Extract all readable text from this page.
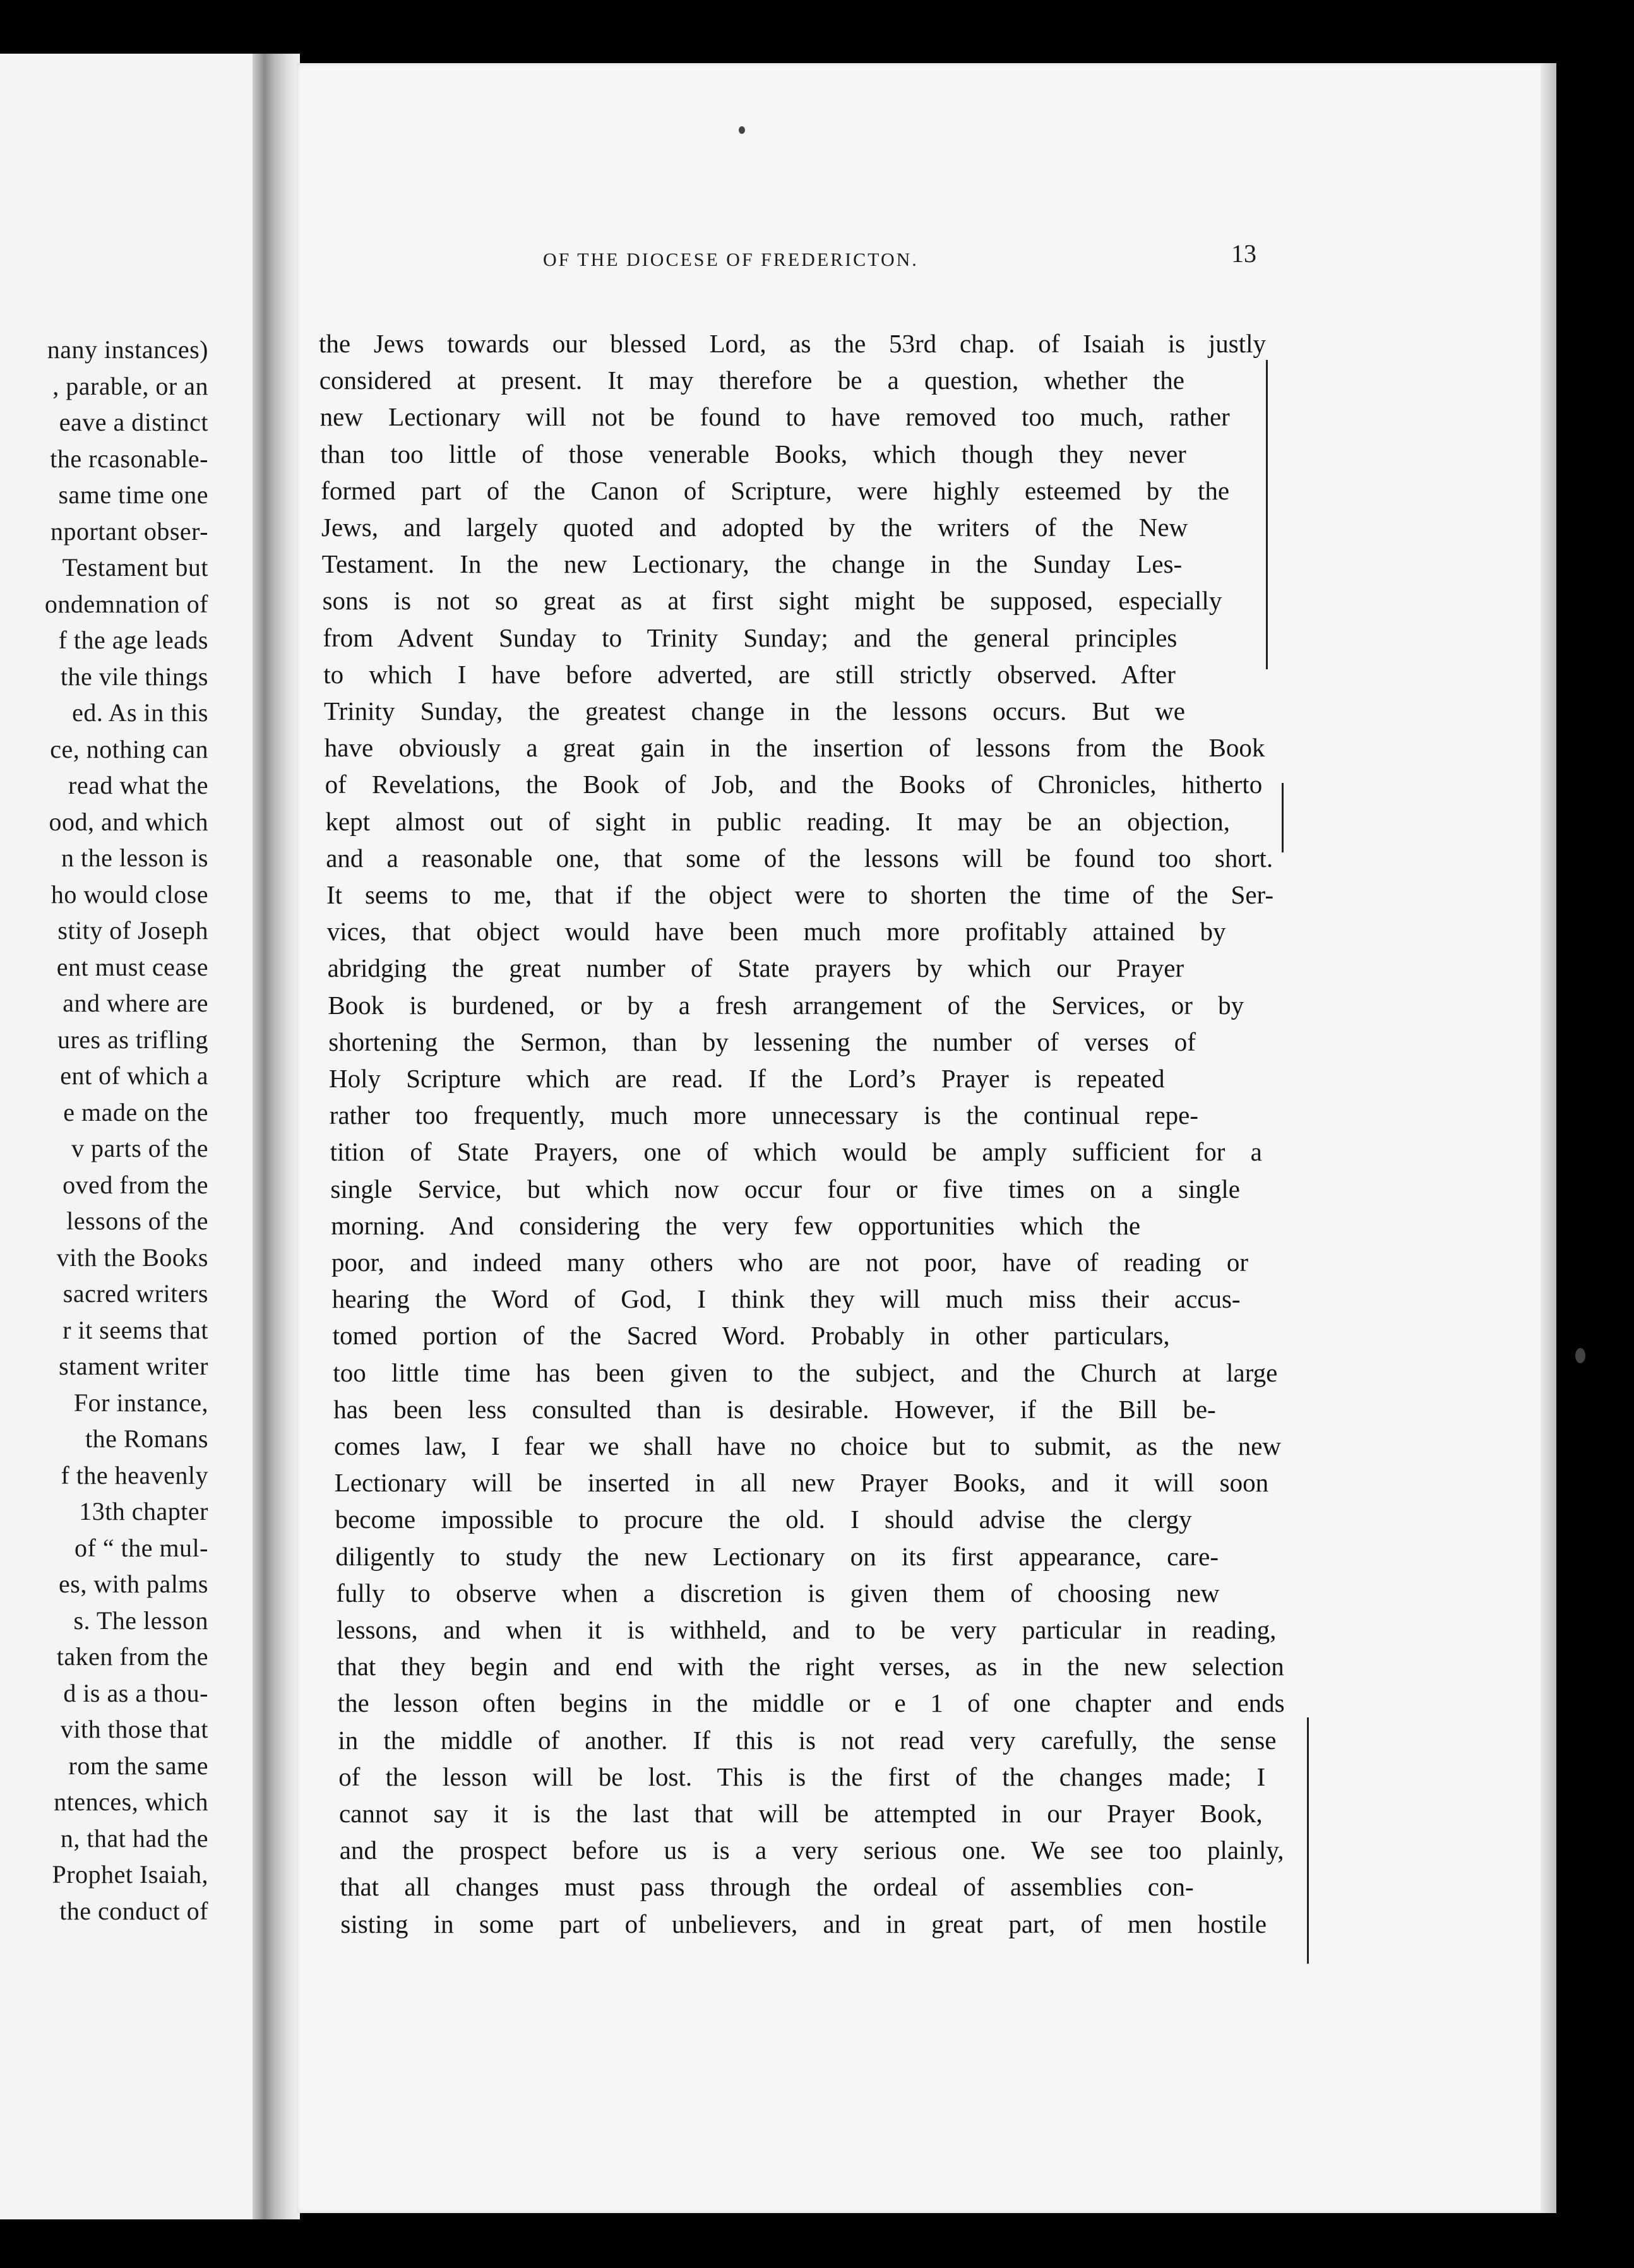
nany instances)
, parable, or an
eave a distinct
the rcasonable-
same time one
nportant obser-
Testament but
ondemnation of
f the age leads
the vile things
ed. As in this
ce, nothing can
read what the
ood, and which
n the lesson is
ho would close
stity of Joseph
ent must cease
and where are
ures as trifling
ent of which a
e made on the
v parts of the
oved from the
lessons of the
vith the Books
sacred writers
r it seems that
stament writer
For instance,
the Romans
f the heavenly
13th chapter
of “ the mul-
es, with palms
s. The lesson
taken from the
d is as a thou-
vith those that
rom the same
ntences, which
n, that had the
Prophet Isaiah,
the conduct of
OF THE DIOCESE OF FREDERICTON.	13
the Jews towards our blessed Lord, as the 53rd chap. of Isaiah is justly
considered at present. It may therefore be a question, whether the
new Lectionary will not be found to have removed too much, rather
than too little of those venerable Books, which though they never
formed part of the Canon of Scripture, were highly esteemed by the
Jews, and largely quoted and adopted by the writers of the New
Testament. In the new Lectionary, the change in the Sunday Les-
sons is not so great as at first sight might be supposed, especially
from Advent Sunday to Trinity Sunday; and the general principles
to which I have before adverted, are still strictly observed. After
Trinity Sunday, the greatest change in the lessons occurs. But we
have obviously a great gain in the insertion of lessons from the Book
of Revelations, the Book of Job, and the Books of Chronicles, hitherto
kept almost out of sight in public reading. It may be an objection,
and a reasonable one, that some of the lessons will be found too short.
It seems to me, that if the object were to shorten the time of the Ser-
vices, that object would have been much more profitably attained by
abridging the great number of State prayers by which our Prayer
Book is burdened, or by a fresh arrangement of the Services, or by
shortening the Sermon, than by lessening the number of verses of
Holy Scripture which are read. If the Lord’s Prayer is repeated
rather too frequently, much more unnecessary is the continual repe-
tition of State Prayers, one of which would be amply sufficient for a
single Service, but which now occur four or five times on a single
morning. And considering the very few opportunities which the
poor, and indeed many others who are not poor, have of reading or
hearing the Word of God, I think they will much miss their accus-
tomed portion of the Sacred Word. Probably in other particulars,
too little time has been given to the subject, and the Church at large
has been less consulted than is desirable. However, if the Bill be-
comes law, I fear we shall have no choice but to submit, as the new
Lectionary will be inserted in all new Prayer Books, and it will soon
become impossible to procure the old. I should advise the clergy
diligently to study the new Lectionary on its first appearance, care-
fully to observe when a discretion is given them of choosing new
lessons, and when it is withheld, and to be very particular in reading,
that they begin and end with the right verses, as in the new selection
the lesson often begins in the middle or e 1 of one chapter and ends
in the middle of another. If this is not read very carefully, the sense
of the lesson will be lost. This is the first of the changes made; I
cannot say it is the last that will be attempted in our Prayer Book,
and the prospect before us is a very serious one. We see too plainly,
that all changes must pass through the ordeal of assemblies con-
sisting in some part of unbelievers, and in great part, of men hostile
